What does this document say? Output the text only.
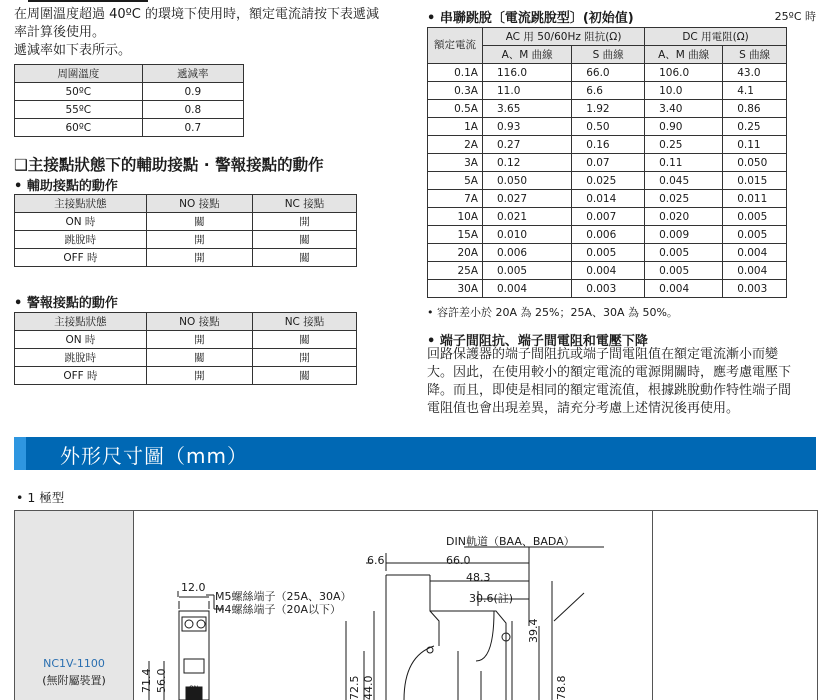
在周圍溫度超過 40ºC 的環境下使用時，額定電流請按下表遞減
率計算後使用。
遞減率如下表所示。
周圍溫度	遞減率
50ºC	0.9
55ºC	0.8
60ºC	0.7
❑主接點狀態下的輔助接點 · 警報接點的動作
• 輔助接點的動作
主接點狀態	NO 接點	NC 接點
ON 時	關	開
跳脫時	開	關
OFF 時	開	關
• 警報接點的動作
主接點狀態	NO 接點	NC 接點
ON 時	開	關
跳脫時	關	開
OFF 時	開	關
• 串聯跳脫〔電流跳脫型〕(初始值)	25ºC 時
額定電流	AC 用 50/60Hz 阻抗(Ω)		DC 用電阻(Ω)	
	A、M 曲線	S 曲線	A、M 曲線	S 曲線
0.1A	116.0	66.0	106.0	43.0
0.3A	11.0	6.6	10.0	4.1
0.5A	3.65	1.92	3.40	0.86
1A	0.93	0.50	0.90	0.25
2A	0.27	0.16	0.25	0.11
3A	0.12	0.07	0.11	0.050
5A	0.050	0.025	0.045	0.015
7A	0.027	0.014	0.025	0.011
10A	0.021	0.007	0.020	0.005
15A	0.010	0.006	0.009	0.005
20A	0.006	0.005	0.005	0.004
25A	0.005	0.004	0.005	0.004
30A	0.004	0.003	0.004	0.003
• 容許差小於 20A 為 25%；25A、30A 為 50%。
• 端子間阻抗、端子間電阻和電壓下降
回路保護器的端子間阻抗或端子間電阻值在額定電流漸小而變
大。因此，在使用較小的額定電流的電源開關時，應考慮電壓下
降。而且，即使是相同的額定電流值，根據跳脫動作特性端子間
電阻值也會出現差異，請充分考慮上述情況後再使用。
外形尺寸圖（mm）
• 1 極型
NC1V-1100
(無附屬裝置)
DIN軌道（BAA、BADA）
6.6	66.0
48.3
30.6(註)
12.0
M5螺絲端子（25A、30A）
M4螺絲端子（20A以下）
39.4
71.4 56.0	72.5 44.0	78.8
ON
